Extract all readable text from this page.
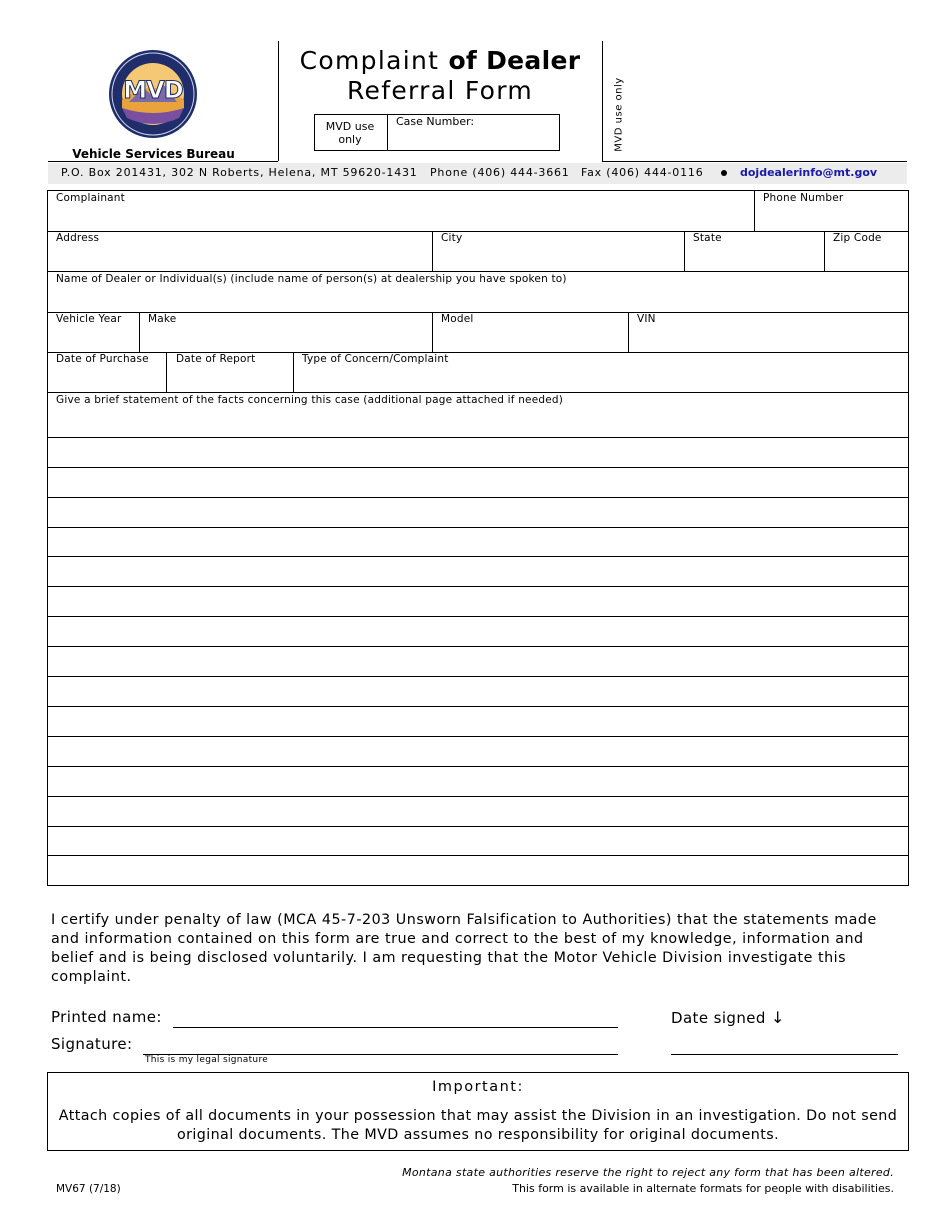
MVD
Vehicle Services Bureau
Complaint of Dealer
Referral Form
MVD use only
Case Number:	MVD use only
P.O. Box 201431, 302 N Roberts, Helena, MT 59620-1431 Phone (406) 444-3661 Fax (406) 444-0116	dojdealerinfo@mt.gov
Complainant	Phone Number
Address	City	State	Zip Code
Name of Dealer or Individual(s) (include name of person(s) at dealership you have spoken to)
Vehicle Year	Make	Model	VIN
Date of Purchase	Date of Report	Type of Concern/Complaint
Give a brief statement of the facts concerning this case (additional page attached if needed)
I certify under penalty of law (MCA 45-7-203 Unsworn Falsification to Authorities) that the statements made and information contained on this form are true and correct to the best of my knowledge, information and belief and is being disclosed voluntarily. I am requesting that the Motor Vehicle Division investigate this complaint.
Printed name:
Signature:
This is my legal signature
Date signed ↓
Important:
Attach copies of all documents in your possession that may assist the Division in an investigation. Do not send original documents. The MVD assumes no responsibility for original documents.
MV67 (7/18)
Montana state authorities reserve the right to reject any form that has been altered.
This form is available in alternate formats for people with disabilities.
